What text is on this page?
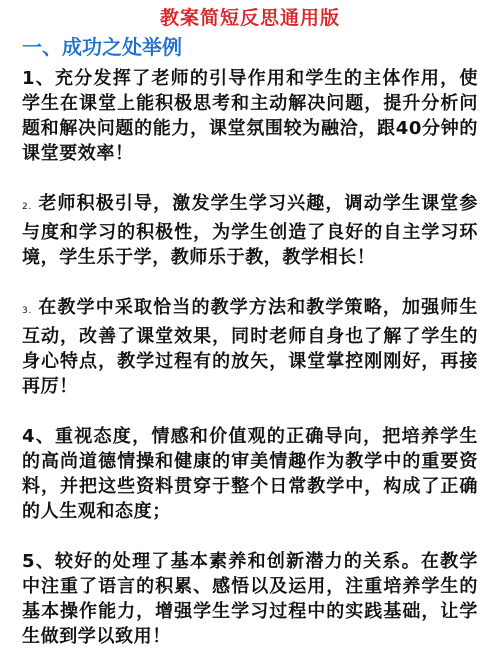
教案简短反思通用版
一、成功之处举例

1、充分发挥了老师的引导作用和学生的主体作用，使学生在课堂上能积极思考和主动解决问题，提升分析问题和解决问题的能力，课堂氛围较为融洽，跟40分钟的课堂要效率！

2. 老师积极引导，激发学生学习兴趣，调动学生课堂参与度和学习的积极性，为学生创造了良好的自主学习环境，学生乐于学，教师乐于教，教学相长！

3. 在教学中采取恰当的教学方法和教学策略，加强师生互动，改善了课堂效果，同时老师自身也了解了学生的身心特点，教学过程有的放矢，课堂掌控刚刚好，再接再厉！

4、重视态度，情感和价值观的正确导向，把培养学生的高尚道德情操和健康的审美情趣作为教学中的重要资料，并把这些资料贯穿于整个日常教学中，构成了正确的人生观和态度；

5、较好的处理了基本素养和创新潜力的关系。在教学中注重了语言的积累、感悟以及运用，注重培养学生的基本操作能力，增强学生学习过程中的实践基础，让学生做到学以致用！
